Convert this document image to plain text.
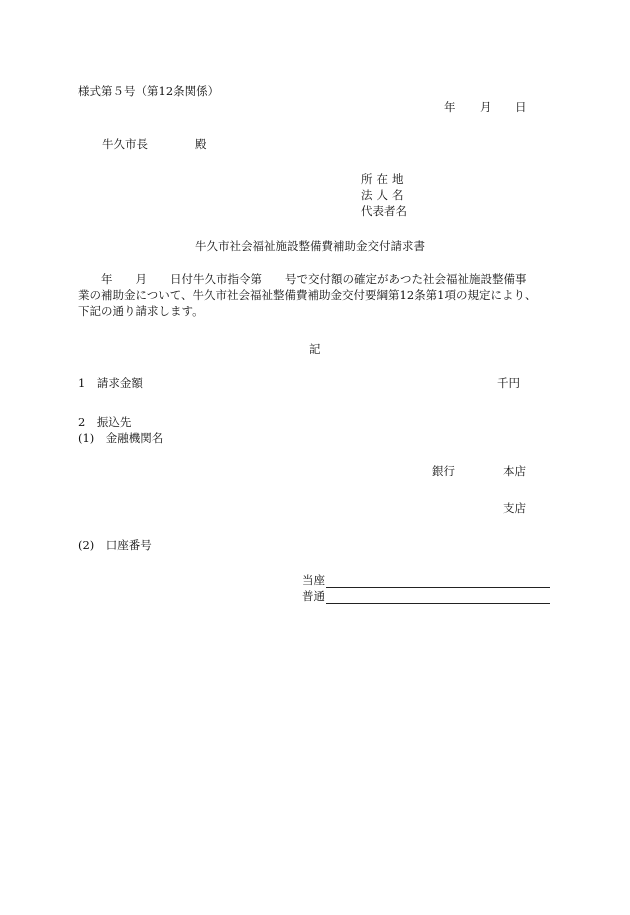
様式第５号（第12条関係）
年 月 日
牛久市長	殿
所在地
法人名
代表者名
牛久市社会福祉施設整備費補助金交付請求書
　　年　　月　　日付牛久市指令第　　号で交付額の確定があつた社会福祉施設整備事
業の補助金について、牛久市社会福祉整備費補助金交付要綱第12条第1項の規定により、
下記の通り請求します。
記
1　請求金額	千円
2　振込先
(1)　金融機関名
銀行	本店
支店
(2)　口座番号
当座
普通
